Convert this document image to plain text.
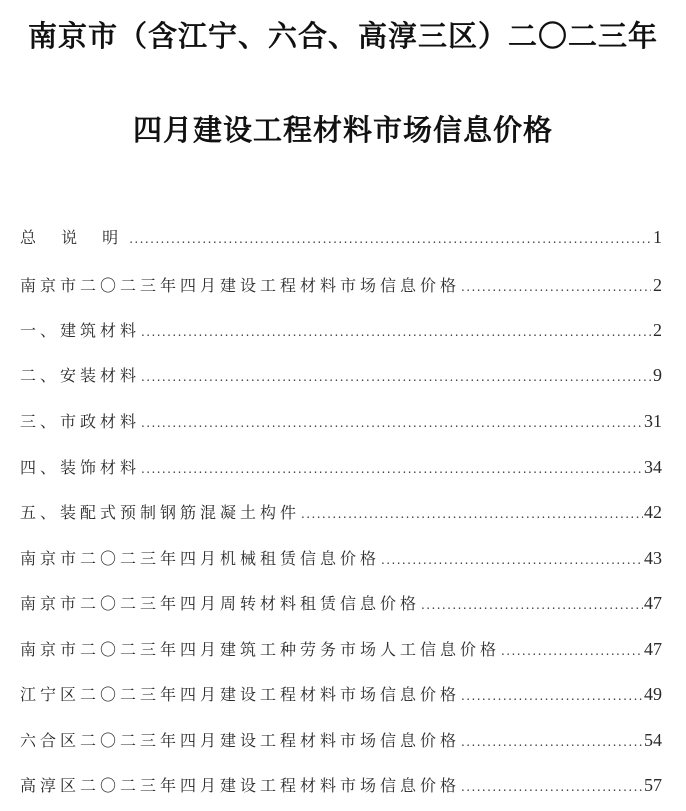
南京市（含江宁、六合、高淳三区）二〇二三年
四月建设工程材料市场信息价格
总 说 明 . . .	1
南京市二〇二三年四月建设工程材料市场信息价格 . . .	2
一、建筑材料 . . .	2
二、安装材料 . . .	9
三、市政材料 . . .	31
四、装饰材料 . . .	34
五、装配式预制钢筋混凝土构件 . . .	42
南京市二〇二三年四月机械租赁信息价格 . . .	43
南京市二〇二三年四月周转材料租赁信息价格 . . .	47
南京市二〇二三年四月建筑工种劳务市场人工信息价格 . . .	47
江宁区二〇二三年四月建设工程材料市场信息价格 . . .	49
六合区二〇二三年四月建设工程材料市场信息价格 . . .	54
高淳区二〇二三年四月建设工程材料市场信息价格 . . .	57
